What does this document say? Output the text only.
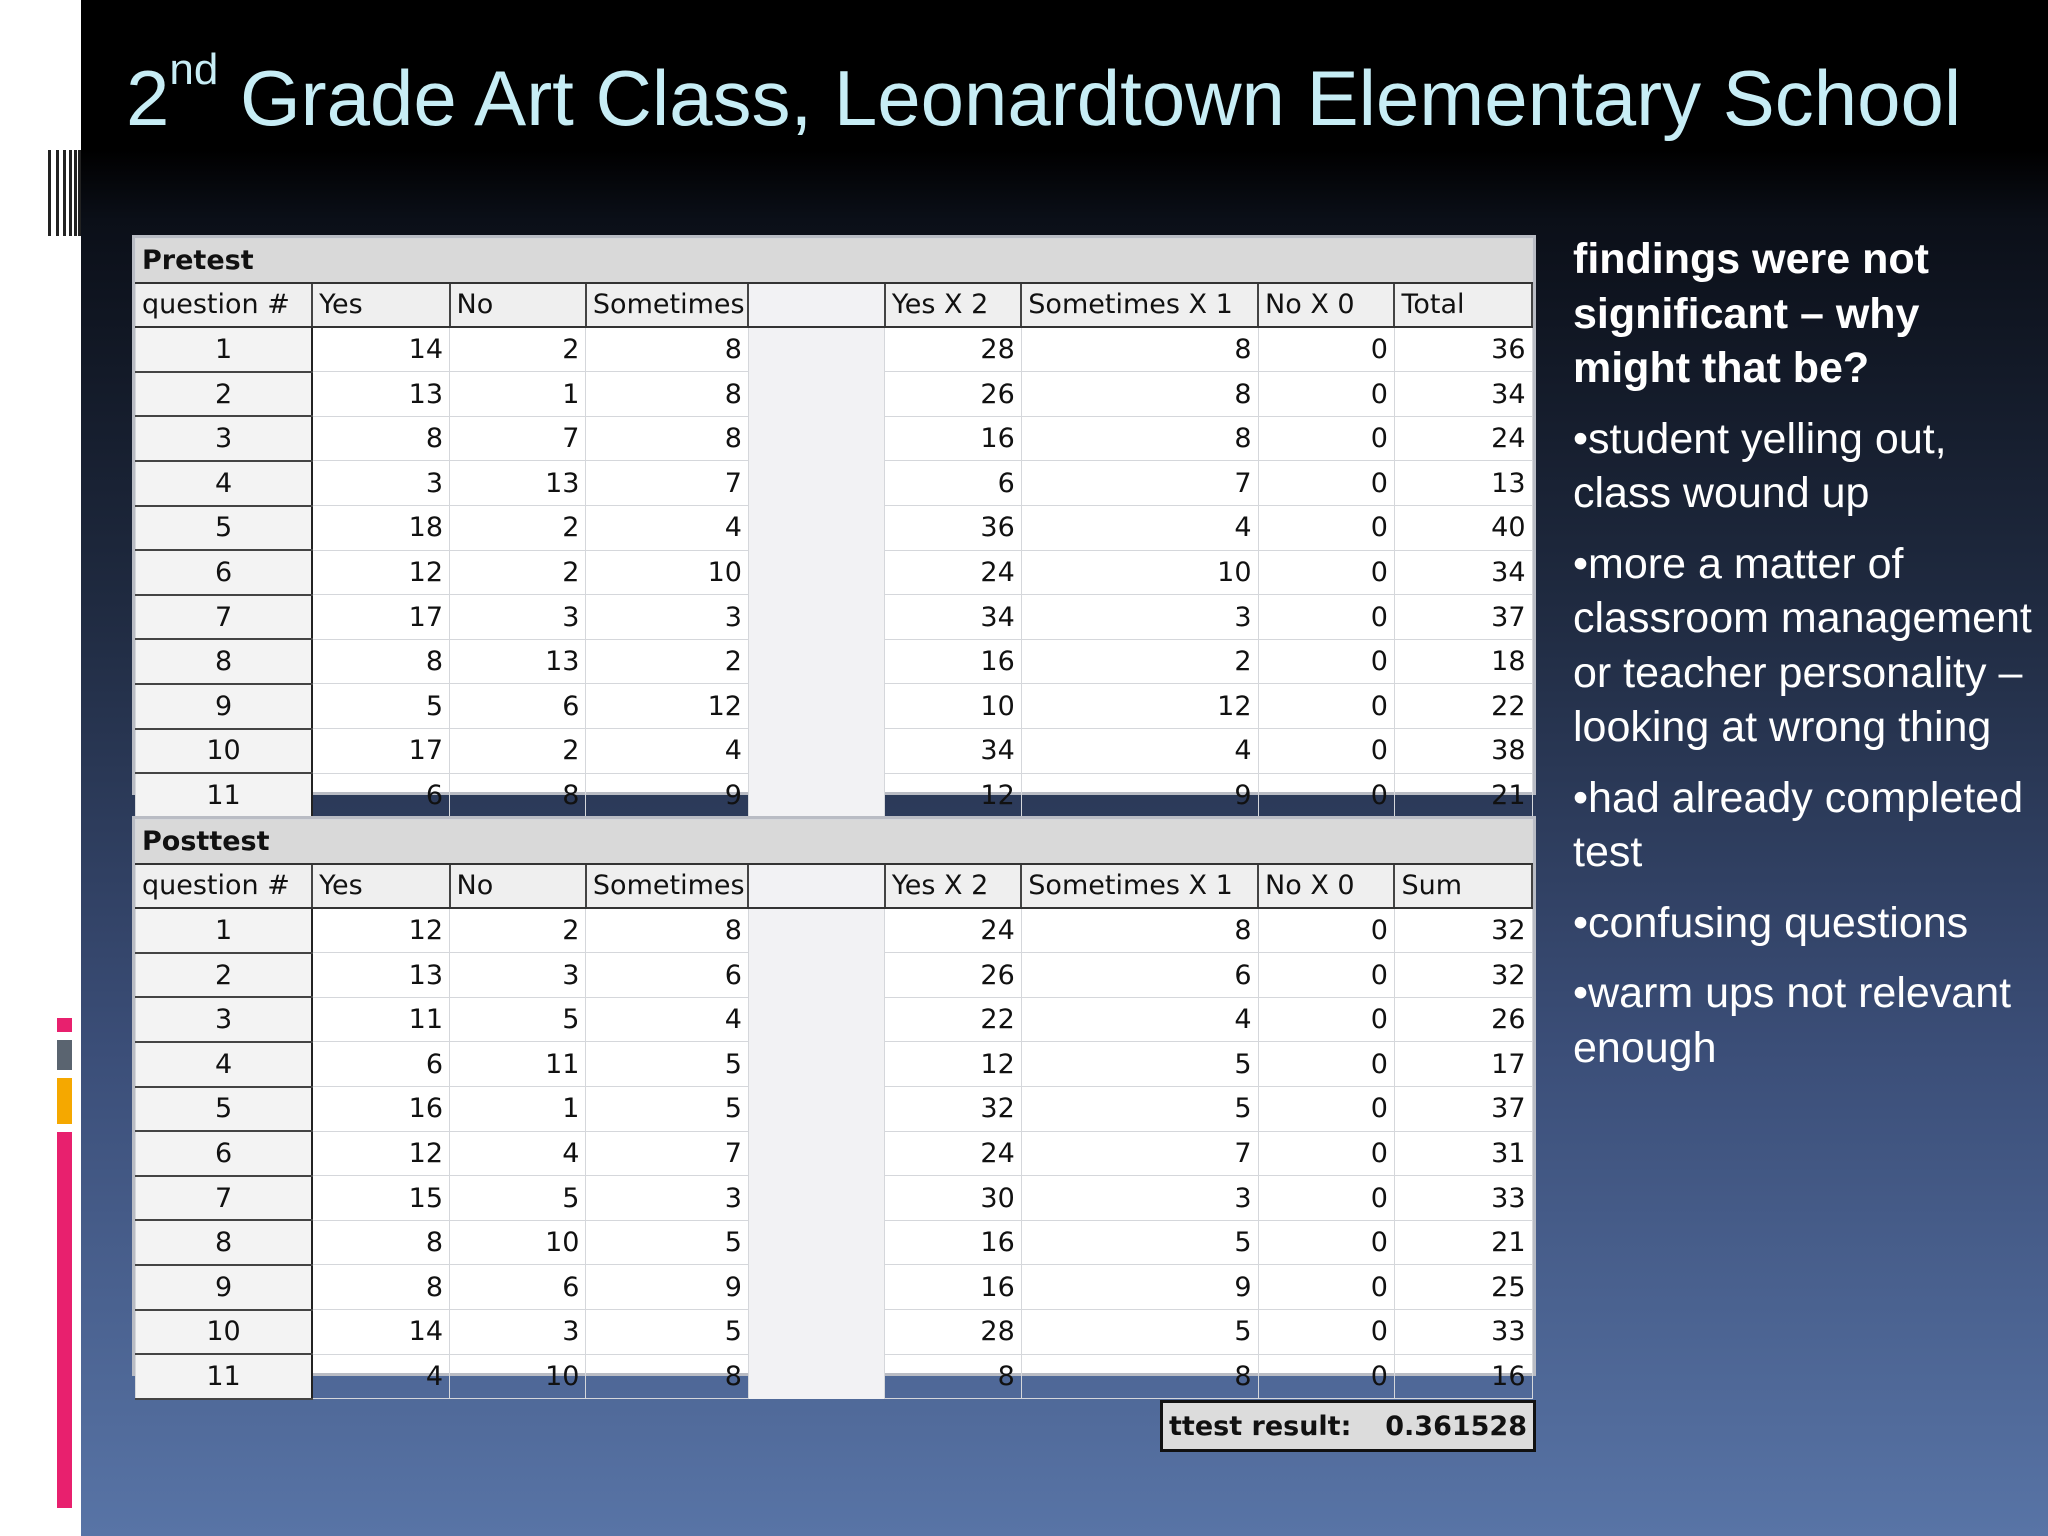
2nd Grade Art Class, Leonardtown Elementary School
Pretest								
question #	Yes	No	Sometimes		Yes X 2	Sometimes X 1	No X 0	Total
1	14	2	8		28	8	0	36
2	13	1	8		26	8	0	34
3	8	7	8		16	8	0	24
4	3	13	7		6	7	0	13
5	18	2	4		36	4	0	40
6	12	2	10		24	10	0	34
7	17	3	3		34	3	0	37
8	8	13	2		16	2	0	18
9	5	6	12		10	12	0	22
10	17	2	4		34	4	0	38
11	6	8	9		12	9	0	21
Posttest								
question #	Yes	No	Sometimes		Yes X 2	Sometimes X 1	No X 0	Sum
1	12	2	8		24	8	0	32
2	13	3	6		26	6	0	32
3	11	5	4		22	4	0	26
4	6	11	5		12	5	0	17
5	16	1	5		32	5	0	37
6	12	4	7		24	7	0	31
7	15	5	3		30	3	0	33
8	8	10	5		16	5	0	21
9	8	6	9		16	9	0	25
10	14	3	5		28	5	0	33
11	4	10	8		8	8	0	16
ttest result: 0.361528
findings were not significant – why might that be?
•student yelling out, class wound up
•more a matter of classroom management or teacher personality – looking at wrong thing
•had already completed test
•confusing questions
•warm ups not relevant enough
